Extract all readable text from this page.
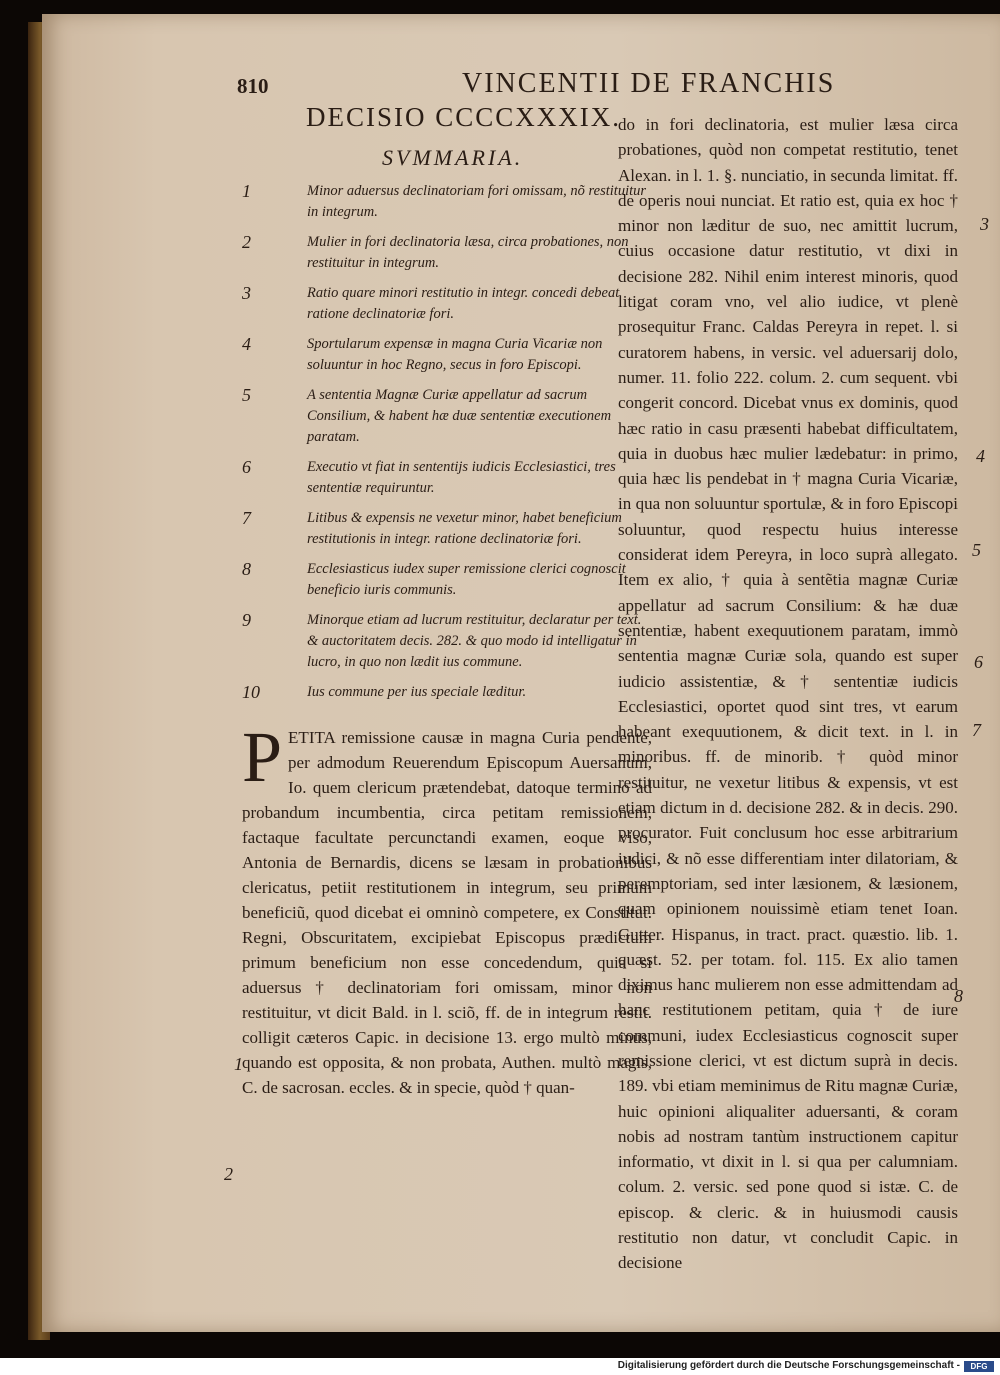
810	VINCENTII DE FRANCHIS
DECISIO CCCCXXXIX.
SVMMARIA.
1	Minor aduersus declinatoriam fori omissam, nõ restituitur in integrum.
2	Mulier in fori declinatoria læsa, circa probationes, non restituitur in integrum.
3	Ratio quare minori restitutio in integr. concedi debeat ratione declinatoriæ fori.
4	Sportularum expensæ in magna Curia Vicariæ non soluuntur in hoc Regno, secus in foro Episcopi.
5	A sententia Magnæ Curiæ appellatur ad sacrum Consilium, & habent hæ duæ sententiæ executionem paratam.
6	Executio vt fiat in sententijs iudicis Ecclesiastici, tres sententiæ requiruntur.
7	Litibus & expensis ne vexetur minor, habet beneficium restitutionis in integr. ratione declinatoriæ fori.
8	Ecclesiasticus iudex super remissione clerici cognoscit beneficio iuris communis.
9	Minorque etiam ad lucrum restituitur, declaratur per text. & auctoritatem decis. 282. & quo modo id intelligatur in lucro, in quo non lædit ius commune.
10	Ius commune per ius speciale læditur.
P ETITA remissione causæ in magna Curia pendente, per admodum Reuerendum Episcopum Auersanum, Io. quem clericum prætendebat, datoque termino ad probandum incumbentia, circa petitam remissionem, factaque facultate percunctandi examen, eoque viso, Antonia de Bernardis, dicens se læsam in probationibus clericatus, petiit restitutionem in integrum, seu primum beneficiũ, quod dicebat ei omninò competere, ex Constitut. Regni, Obscuritatem, excipiebat Episcopus prædictum primum beneficium non esse concedendum, quia si aduersus † declinatoriam fori omissam, minor non restituitur, vt dicit Bald. in l. sciõ, ff. de in integrum restit. colligit cæteros Capic. in decisione 13. ergo multò minus, quando est opposita, & non probata, Authen. multò magis, C. de sacrosan. eccles. & in specie, quòd † quan-

do in fori declinatoria, est mulier læsa circa probationes, quòd non competat restitutio, tenet Alexan. in l. 1. §. nunciatio, in secunda limitat. ff. de operis noui nunciat. Et ratio est, quia ex hoc † minor non læditur de suo, nec amittit lucrum, cuius occasione datur restitutio, vt dixi in decisione 282. Nihil enim interest minoris, quod litigat coram vno, vel alio iudice, vt plenè prosequitur Franc. Caldas Pereyra in repet. l. si curatorem habens, in versic. vel aduersarij dolo, numer. 11. folio 222. colum. 2. cum sequent. vbi congerit concord. Dicebat vnus ex dominis, quod hæc ratio in casu præsenti habebat difficultatem, quia in duobus hæc mulier lædebatur: in primo, quia hæc lis pendebat in † magna Curia Vicariæ, in qua non soluuntur sportulæ, & in foro Episcopi soluuntur, quod respectu huius interesse considerat idem Pereyra, in loco suprà allegato. Item ex alio, † quia à sentẽtia magnæ Curiæ appellatur ad sacrum Consilium: & hæ duæ sententiæ, habent exequutionem paratam, immò sententia magnæ Curiæ sola, quando est super iudicio assistentiæ, & † sententiæ iudicis Ecclesiastici, oportet quod sint tres, vt earum habeant exequutionem, & dicit text. in l. in minoribus. ff. de minorib. † quòd minor restituitur, ne vexetur litibus & expensis, vt est etiam dictum in d. decisione 282. & in decis. 290. procurator. Fuit conclusum hoc esse arbitrarium iudici, & nõ esse differentiam inter dilatoriam, & peremptoriam, sed inter læsionem, & læsionem, quam opinionem nouissimè etiam tenet Ioan. Gutter. Hispanus, in tract. pract. quæstio. lib. 1. quæst. 52. per totam. fol. 115. Ex alio tamen diximus hanc mulierem non esse admittendam ad hanc restitutionem petitam, quia † de iure communi, iudex Ecclesiasticus cognoscit super remissione clerici, vt est dictum suprà in decis. 189. vbi etiam meminimus de Ritu magnæ Curiæ, huic opinioni aliqualiter aduersanti, & coram nobis ad nostram tantùm instructionem capitur informatio, vt dixit in l. si qua per calumniam. colum. 2. versic. sed pone quod si istæ. C. de episcop. & cleric. & in huiusmodi causis restitutio non datur, vt concludit Capic. in decisione

3
4
5
6
7
8
1
2
Digitalisierung gefördert durch die Deutsche Forschungsgemeinschaft -	DFG
